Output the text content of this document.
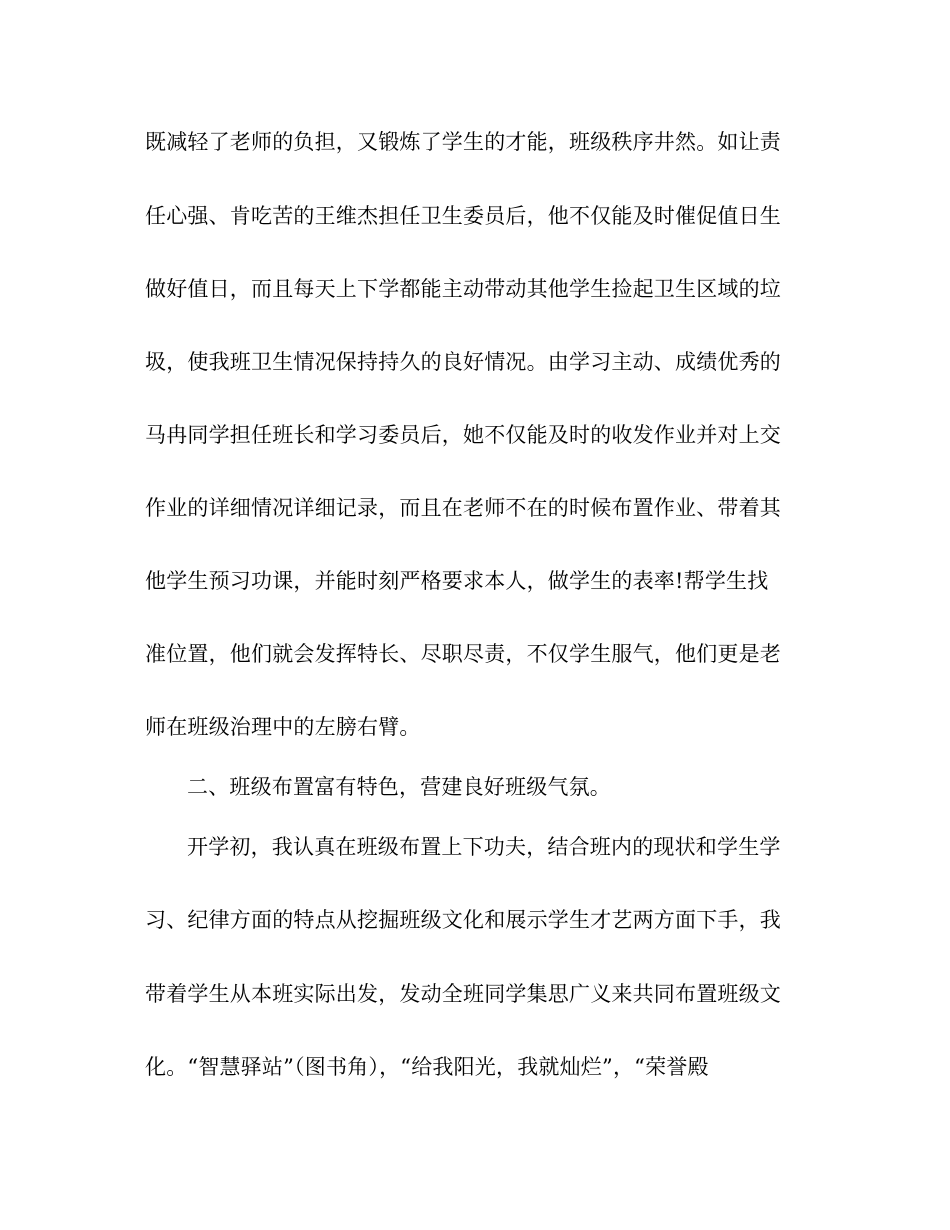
既减轻了老师的负担，又锻炼了学生的才能，班级秩序井然。如让责
任心强、肯吃苦的王维杰担任卫生委员后，他不仅能及时催促值日生
做好值日，而且每天上下学都能主动带动其他学生捡起卫生区域的垃
圾，使我班卫生情况保持持久的良好情况。由学习主动、成绩优秀的
马冉同学担任班长和学习委员后，她不仅能及时的收发作业并对上交
作业的详细情况详细记录，而且在老师不在的时候布置作业、带着其
他学生预习功课，并能时刻严格要求本人，做学生的表率!帮学生找
准位置，他们就会发挥特长、尽职尽责，不仅学生服气，他们更是老
师在班级治理中的左膀右臂。
二、班级布置富有特色，营建良好班级气氛。
开学初，我认真在班级布置上下功夫，结合班内的现状和学生学
习、纪律方面的特点从挖掘班级文化和展示学生才艺两方面下手，我
带着学生从本班实际出发，发动全班同学集思广义来共同布置班级文
化。“智慧驿站”（图书角），“给我阳光，我就灿烂”，“荣誉殿
